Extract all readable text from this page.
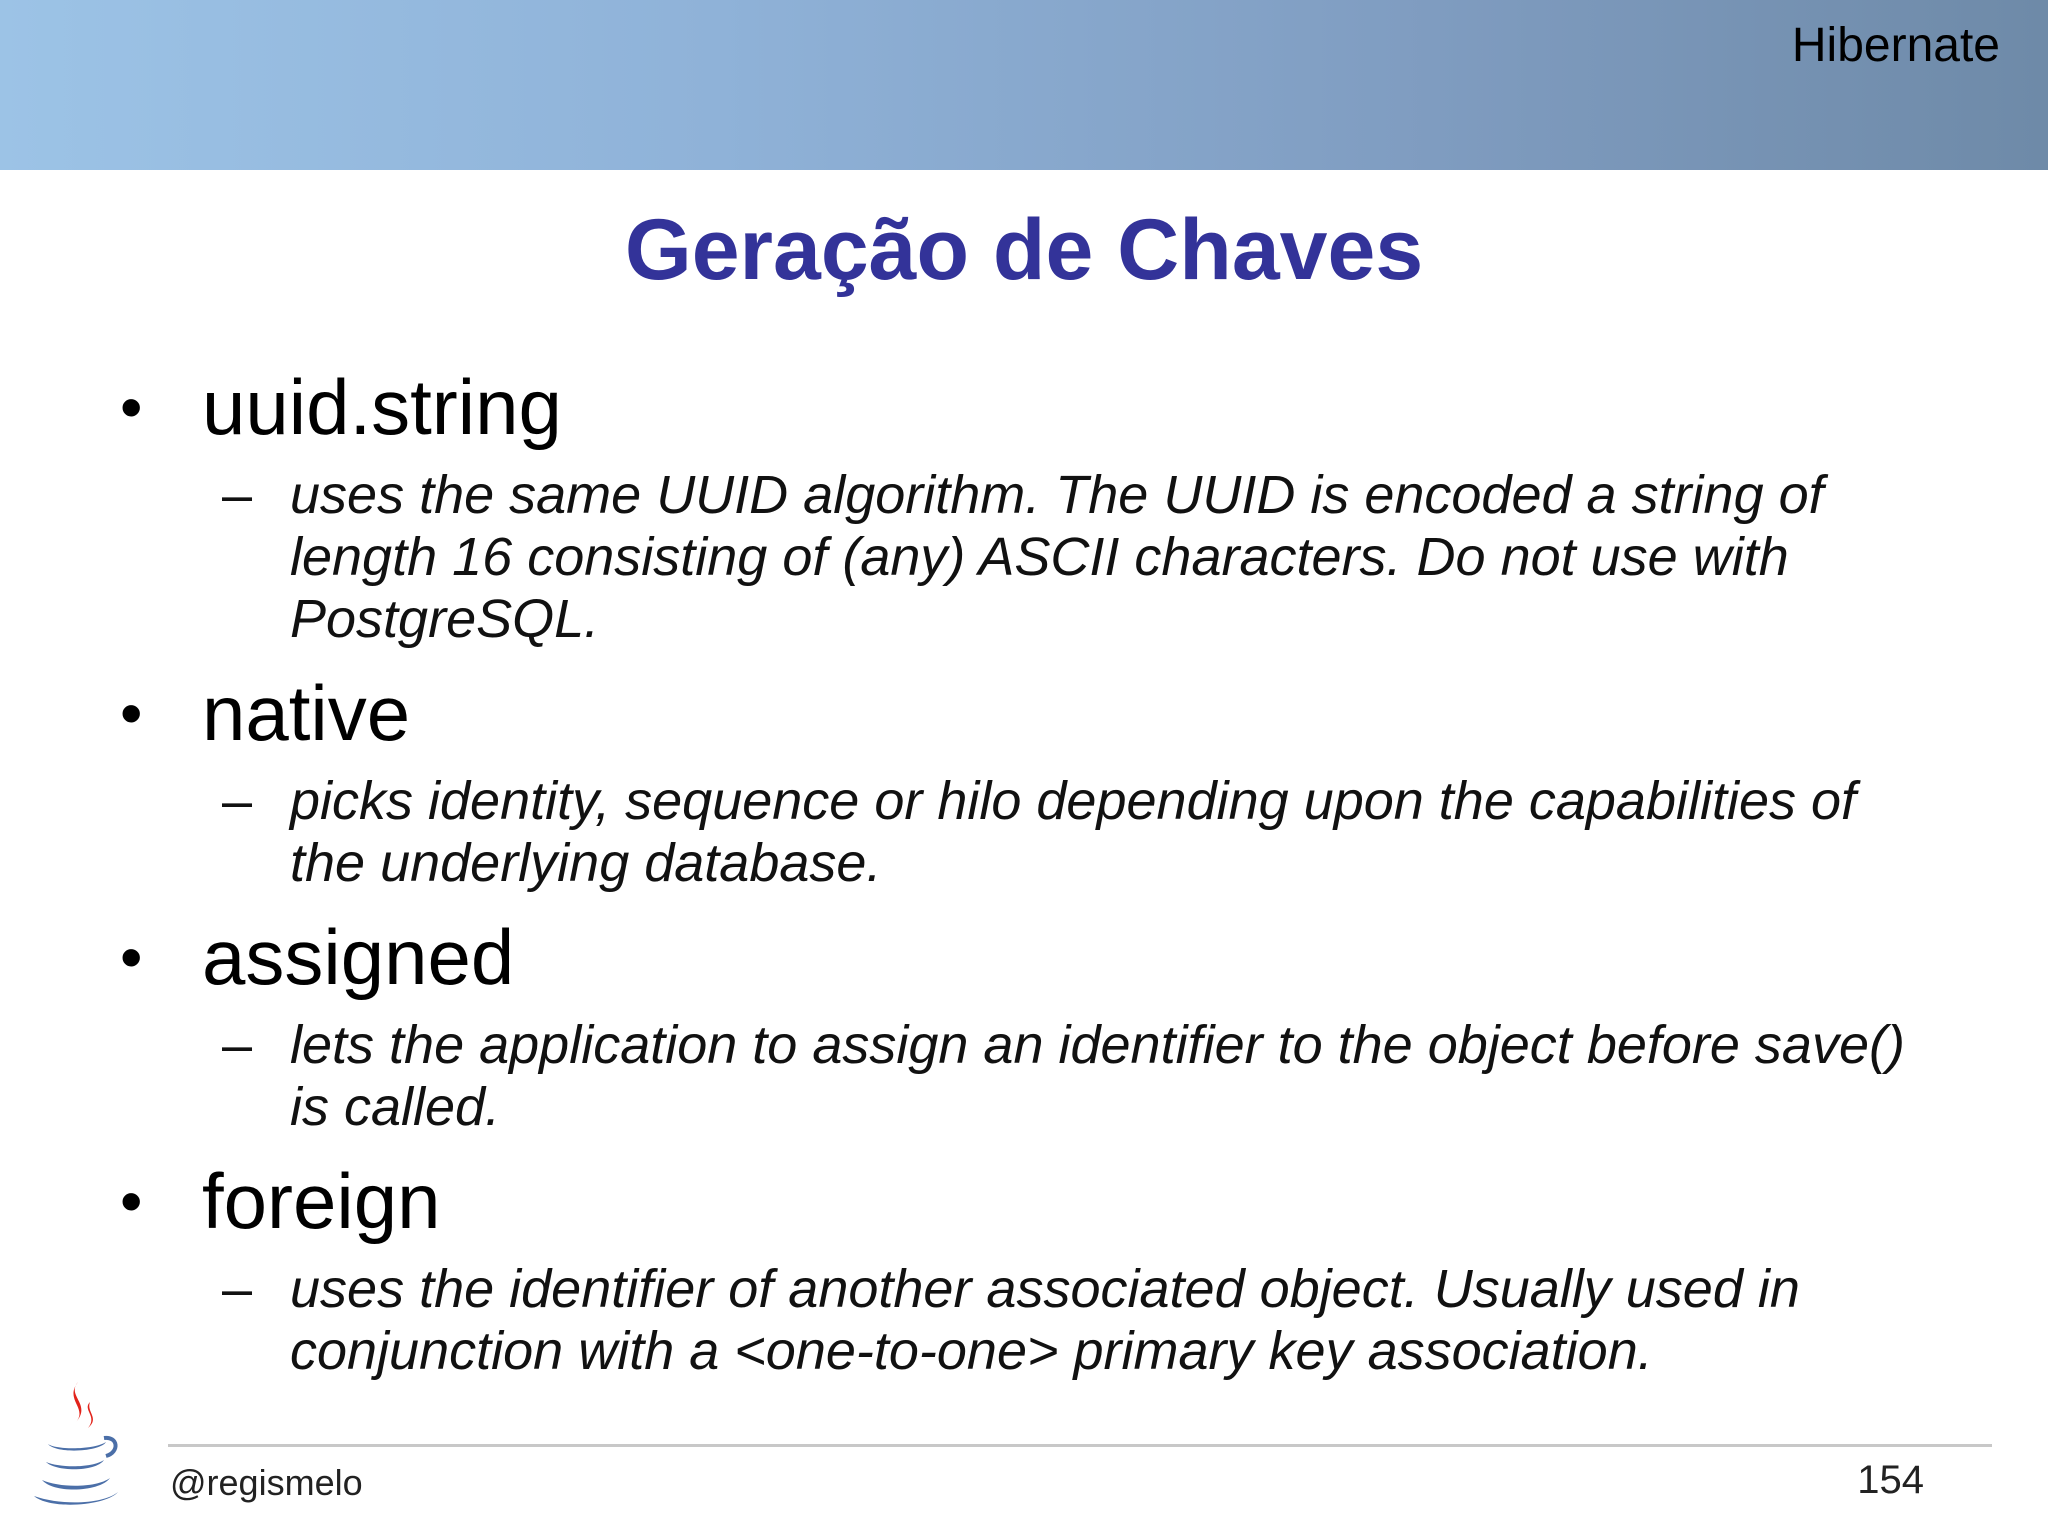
Hibernate
Geração de Chaves
• uuid.string
– uses the same UUID algorithm. The UUID is encoded a string of length 16 consisting of (any) ASCII characters. Do not use with PostgreSQL.
• native
– picks identity, sequence or hilo depending upon the capabilities of the underlying database.
• assigned
– lets the application to assign an identifier to the object before save() is called.
• foreign
– uses the identifier of another associated object. Usually used in conjunction with a <one-to-one> primary key association.
@regismelo	154
